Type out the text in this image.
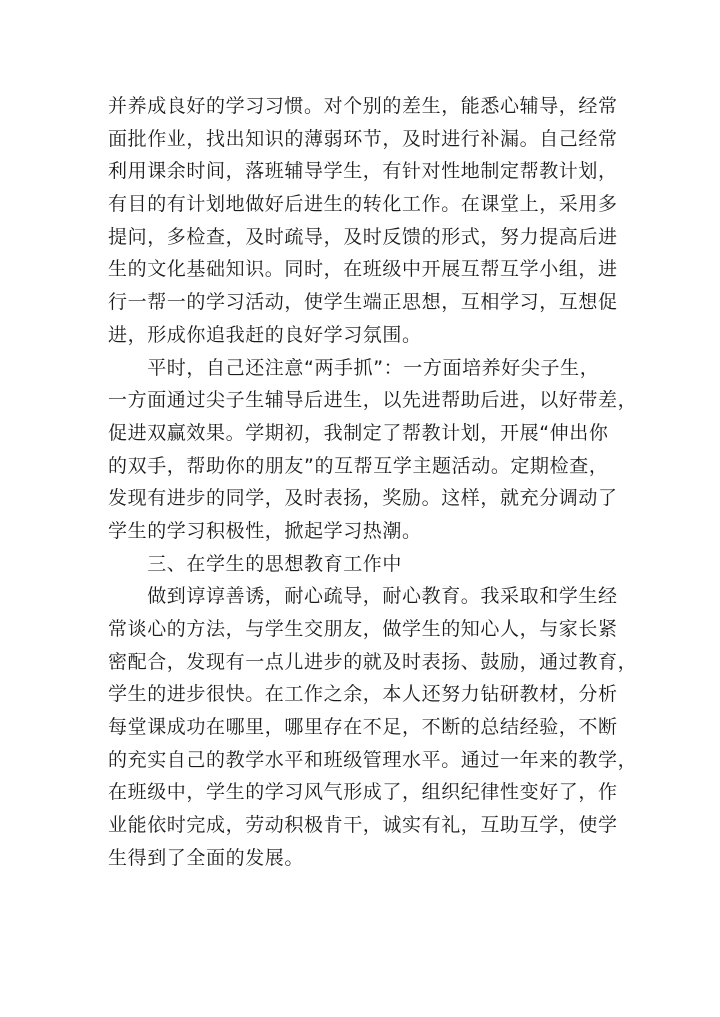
并养成良好的学习习惯。对个别的差生，能悉心辅导，经常
面批作业，找出知识的薄弱环节，及时进行补漏。自己经常
利用课余时间，落班辅导学生，有针对性地制定帮教计划，
有目的有计划地做好后进生的转化工作。在课堂上，采用多
提问，多检查，及时疏导，及时反馈的形式，努力提高后进
生的文化基础知识。同时，在班级中开展互帮互学小组，进
行一帮一的学习活动，使学生端正思想，互相学习，互想促
进，形成你追我赶的良好学习氛围。
　　平时，自己还注意“两手抓”：一方面培养好尖子生，
一方面通过尖子生辅导后进生，以先进帮助后进，以好带差，
促进双赢效果。学期初，我制定了帮教计划，开展“伸出你
的双手，帮助你的朋友”的互帮互学主题活动。定期检查，
发现有进步的同学，及时表扬，奖励。这样，就充分调动了
学生的学习积极性，掀起学习热潮。
　　三、在学生的思想教育工作中
　　做到谆谆善诱，耐心疏导，耐心教育。我采取和学生经
常谈心的方法，与学生交朋友，做学生的知心人，与家长紧
密配合，发现有一点儿进步的就及时表扬、鼓励，通过教育，
学生的进步很快。在工作之余，本人还努力钻研教材，分析
每堂课成功在哪里，哪里存在不足，不断的总结经验，不断
的充实自己的教学水平和班级管理水平。通过一年来的教学，
在班级中，学生的学习风气形成了，组织纪律性变好了，作
业能依时完成，劳动积极肯干，诚实有礼，互助互学，使学
生得到了全面的发展。
